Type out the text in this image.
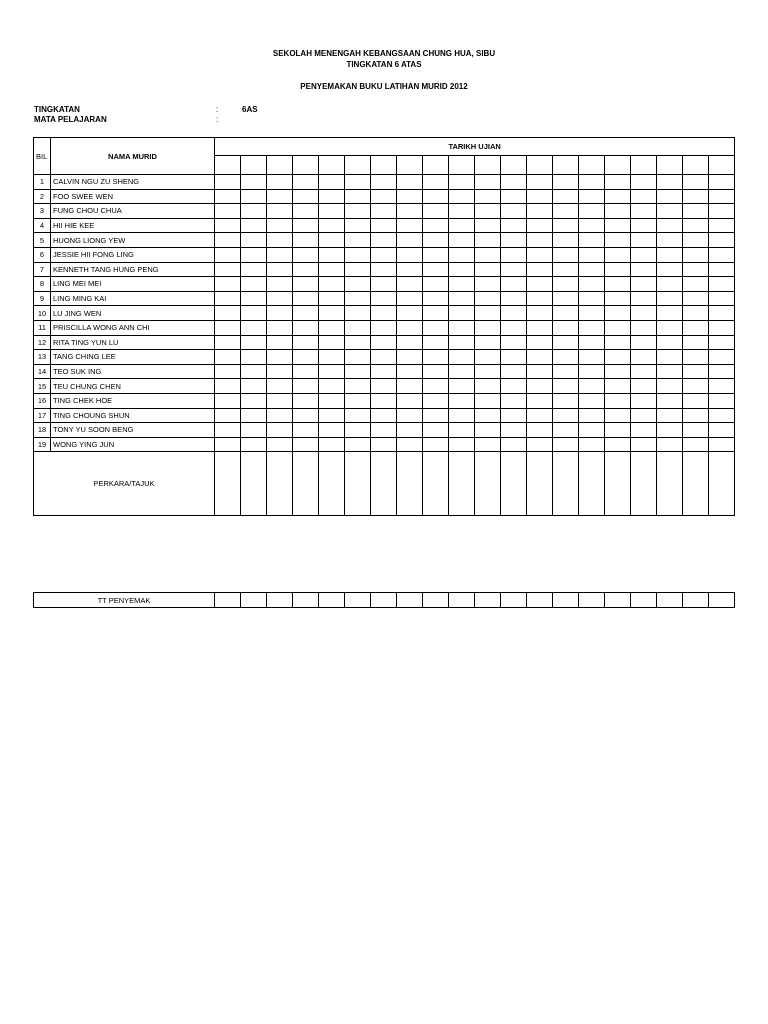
SEKOLAH MENENGAH KEBANGSAAN CHUNG HUA, SIBU
TINGKATAN 6 ATAS
PENYEMAKAN BUKU LATIHAN MURID 2012
TINGKATAN	:	6AS
MATA PELAJARAN	:
BIL	NAMA MURID	TARIKH UJIAN																			

1	CALVIN NGU ZU SHENG																				
2	FOO SWEE WEN																				
3	FUNG CHOU CHUA																				
4	HII HIE KEE																				
5	HUONG LIONG YEW																				
6	JESSIE HII FONG LING																				
7	KENNETH TANG HUNG PENG																				
8	LING MEI MEI																				
9	LING MING KAI																				
10	LU JING WEN																				
11	PRISCILLA WONG ANN CHI																				
12	RITA TING YUN LU																				
13	TANG CHING LEE																				
14	TEO SUK ING																				
15	TEU CHUNG CHEN																				
16	TING CHEK HOE																				
17	TING CHOUNG SHUN																				
18	TONY YU SOON BENG																				
19	WONG YING JUN																				
PERKARA/TAJUK																					
TT PENYEMAK																				
